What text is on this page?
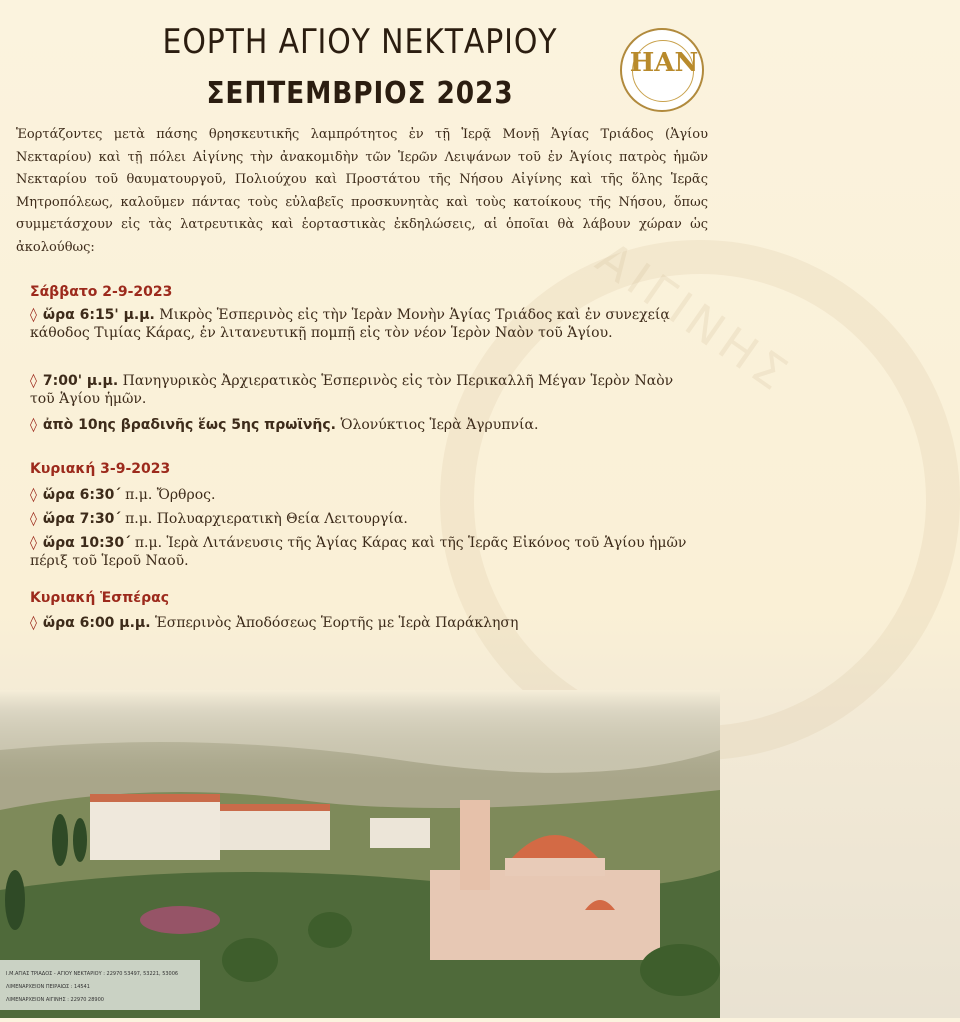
ΑΙΓΙΝΗΣ
ΕΟΡΤΗ ΑΓΙΟΥ ΝΕΚΤΑΡΙΟΥ
ΣΕΠΤΕΜΒΡΙΟΣ 2023
ΗΑΝ

Ἑορτάζοντες μετὰ πάσης θρησκευτικῆς λαμπρότητος ἐν τῇ Ἱερᾷ Μονῇ Ἁγίας Τριάδος (Ἁγίου Νεκταρίου) καὶ τῇ πόλει Αἰγίνης τὴν ἀνακομιδὴν τῶν Ἱερῶν Λειψάνων τοῦ ἐν Ἁγίοις πατρὸς ἡμῶν Νεκταρίου τοῦ θαυματουργοῦ, Πολιούχου καὶ Προστάτου τῆς Νήσου Αἰγίνης καὶ τῆς ὅλης Ἱερᾶς Μητροπόλεως, καλοῦμεν πάντας τοὺς εὐλαβεῖς προσκυνητὰς καὶ τοὺς κατοίκους τῆς Νήσου, ὅπως συμμετάσχουν εἰς τὰς λατρευτικὰς καὶ ἑορταστικὰς ἐκδηλώσεις, αἱ ὁποῖαι θὰ λάβουν χώραν ὡς ἀκολούθως:

Σάββατο 2-9-2023

◊ ὥρα 6:15' μ.μ. Μικρὸς Ἑσπερινὸς εἰς τὴν Ἱερὰν Μονὴν Ἁγίας Τριάδος καὶ ἐν συνεχείᾳ κάθοδος Τιμίας Κάρας, ἐν λιτανευτικῇ πομπῇ εἰς τὸν νέον Ἱερὸν Ναὸν τοῦ Ἁγίου.

◊ 7:00' μ.μ. Πανηγυρικὸς Ἀρχιερατικὸς Ἑσπερινὸς εἰς τὸν Περικαλλῆ Μέγαν Ἱερὸν Ναὸν τοῦ Ἁγίου ἡμῶν.

◊ ἀπὸ 10ης βραδινῆς ἕως 5ης πρωϊνῆς. Ὁλονύκτιος Ἱερὰ Ἀγρυπνία.

Κυριακή 3-9-2023

◊ ὥρα 6:30΄ π.μ. Ὄρθρος.

◊ ὥρα 7:30΄ π.μ. Πολυαρχιερατικὴ Θεία Λειτουργία.

◊ ὥρα 10:30΄ π.μ. Ἱερὰ Λιτάνευσις τῆς Ἁγίας Κάρας καὶ τῆς Ἱερᾶς Εἰκόνος τοῦ Ἁγίου ἡμῶν πέριξ τοῦ Ἱεροῦ Ναοῦ.

Κυριακή Ἑσπέρας

◊ ὥρα 6:00 μ.μ. Ἑσπερινὸς Ἀποδόσεως Ἑορτῆς με Ἱερὰ Παράκληση

Ι.Μ.ΑΓΙΑΣ ΤΡΙΑΔΟΣ - ΑΓΙΟΥ ΝΕΚΤΑΡΙΟΥ : 22970 53497, 53221, 53006
ΛΙΜΕΝΑΡΧΕΙΟΝ ΠΕΙΡΑΙΩΣ : 14541
ΛΙΜΕΝΑΡΧΕΙΟΝ ΑΙΓΙΝΗΣ : 22970 28900
